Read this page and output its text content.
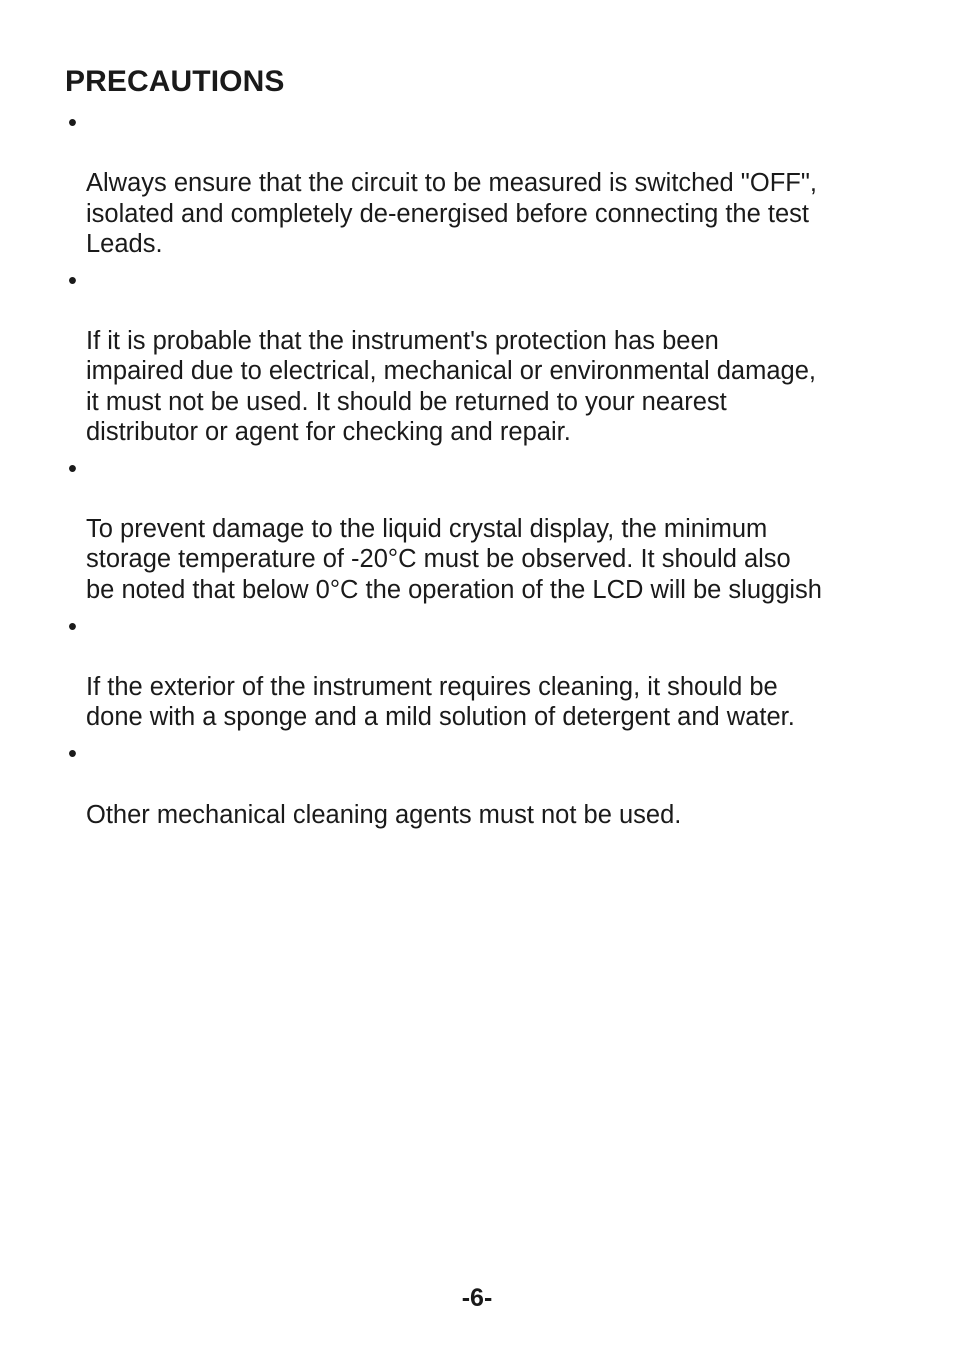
PRECAUTIONS

•

Always ensure that the circuit to be measured is switched "OFF",
isolated and completely de-energised before connecting the test
Leads.

•

If it is probable that the instrument's protection has been
impaired due to electrical, mechanical or environmental damage,
it must not be used. It should be returned to your nearest
distributor or agent for checking and repair.

•

To prevent damage to the liquid crystal display, the minimum
storage temperature of -20°C must be observed. It should also
be noted that below 0°C the operation of the LCD will be sluggish

•

If the exterior of the instrument requires cleaning, it should be
done with a sponge and a mild solution of detergent and water.

•

Other mechanical cleaning agents must not be used.

-6-
